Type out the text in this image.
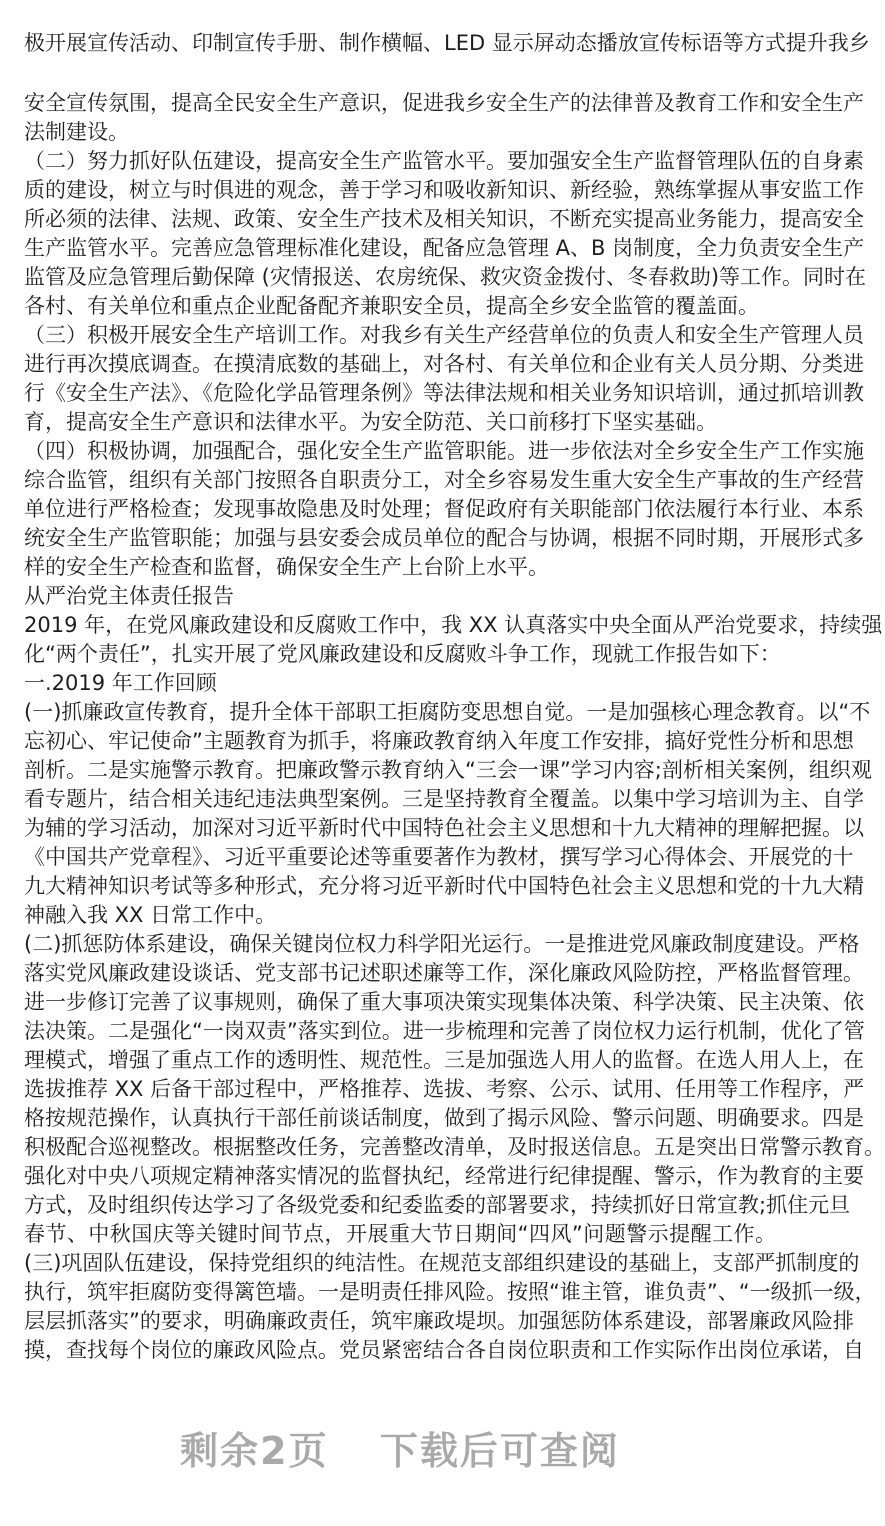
极开展宣传活动、印制宣传手册、制作横幅、LED 显示屏动态播放宣传标语等方式提升我乡
安全宣传氛围，提高全民安全生产意识，促进我乡安全生产的法律普及教育工作和安全生产
法制建设。
（二）努力抓好队伍建设，提高安全生产监管水平。要加强安全生产监督管理队伍的自身素
质的建设，树立与时俱进的观念，善于学习和吸收新知识、新经验，熟练掌握从事安监工作
所必须的法律、法规、政策、安全生产技术及相关知识，不断充实提高业务能力，提高安全
生产监管水平。完善应急管理标准化建设，配备应急管理 A、B 岗制度，全力负责安全生产
监管及应急管理后勤保障 (灾情报送、农房统保、救灾资金拨付、冬春救助)等工作。同时在
各村、有关单位和重点企业配备配齐兼职安全员，提高全乡安全监管的覆盖面。
（三）积极开展安全生产培训工作。对我乡有关生产经营单位的负责人和安全生产管理人员
进行再次摸底调查。在摸清底数的基础上，对各村、有关单位和企业有关人员分期、分类进
行《安全生产法》、《危险化学品管理条例》等法律法规和相关业务知识培训，通过抓培训教
育，提高安全生产意识和法律水平。为安全防范、关口前移打下坚实基础。
（四）积极协调，加强配合，强化安全生产监管职能。进一步依法对全乡安全生产工作实施
综合监管，组织有关部门按照各自职责分工，对全乡容易发生重大安全生产事故的生产经营
单位进行严格检查；发现事故隐患及时处理；督促政府有关职能部门依法履行本行业、本系
统安全生产监管职能；加强与县安委会成员单位的配合与协调，根据不同时期，开展形式多
样的安全生产检查和监督，确保安全生产上台阶上水平。
从严治党主体责任报告
2019 年，在党风廉政建设和反腐败工作中，我 XX 认真落实中央全面从严治党要求，持续强
化“两个责任”，扎实开展了党风廉政建设和反腐败斗争工作，现就工作报告如下：
一.2019 年工作回顾
(一)抓廉政宣传教育，提升全体干部职工拒腐防变思想自觉。一是加强核心理念教育。以“不
忘初心、牢记使命”主题教育为抓手，将廉政教育纳入年度工作安排，搞好党性分析和思想
剖析。二是实施警示教育。把廉政警示教育纳入“三会一课”学习内容;剖析相关案例，组织观
看专题片，结合相关违纪违法典型案例。三是坚持教育全覆盖。以集中学习培训为主、自学
为辅的学习活动，加深对习近平新时代中国特色社会主义思想和十九大精神的理解把握。以
《中国共产党章程》、习近平重要论述等重要著作为教材，撰写学习心得体会、开展党的十
九大精神知识考试等多种形式，充分将习近平新时代中国特色社会主义思想和党的十九大精
神融入我 XX 日常工作中。
(二)抓惩防体系建设，确保关键岗位权力科学阳光运行。一是推进党风廉政制度建设。严格
落实党风廉政建设谈话、党支部书记述职述廉等工作，深化廉政风险防控，严格监督管理。
进一步修订完善了议事规则，确保了重大事项决策实现集体决策、科学决策、民主决策、依
法决策。二是强化“一岗双责”落实到位。进一步梳理和完善了岗位权力运行机制，优化了管
理模式，增强了重点工作的透明性、规范性。三是加强选人用人的监督。在选人用人上，在
选拔推荐 XX 后备干部过程中，严格推荐、选拔、考察、公示、试用、任用等工作程序，严
格按规范操作，认真执行干部任前谈话制度，做到了揭示风险、警示问题、明确要求。四是
积极配合巡视整改。根据整改任务，完善整改清单，及时报送信息。五是突出日常警示教育。
强化对中央八项规定精神落实情况的监督执纪，经常进行纪律提醒、警示，作为教育的主要
方式，及时组织传达学习了各级党委和纪委监委的部署要求，持续抓好日常宣教;抓住元旦
春节、中秋国庆等关键时间节点，开展重大节日期间“四风”问题警示提醒工作。
(三)巩固队伍建设，保持党组织的纯洁性。在规范支部组织建设的基础上，支部严抓制度的
执行，筑牢拒腐防变得篱笆墙。一是明责任排风险。按照“谁主管，谁负责”、“一级抓一级，
层层抓落实”的要求，明确廉政责任，筑牢廉政堤坝。加强惩防体系建设，部署廉政风险排
摸，查找每个岗位的廉政风险点。党员紧密结合各自岗位职责和工作实际作出岗位承诺，自
剩余2页 下载后可查阅
